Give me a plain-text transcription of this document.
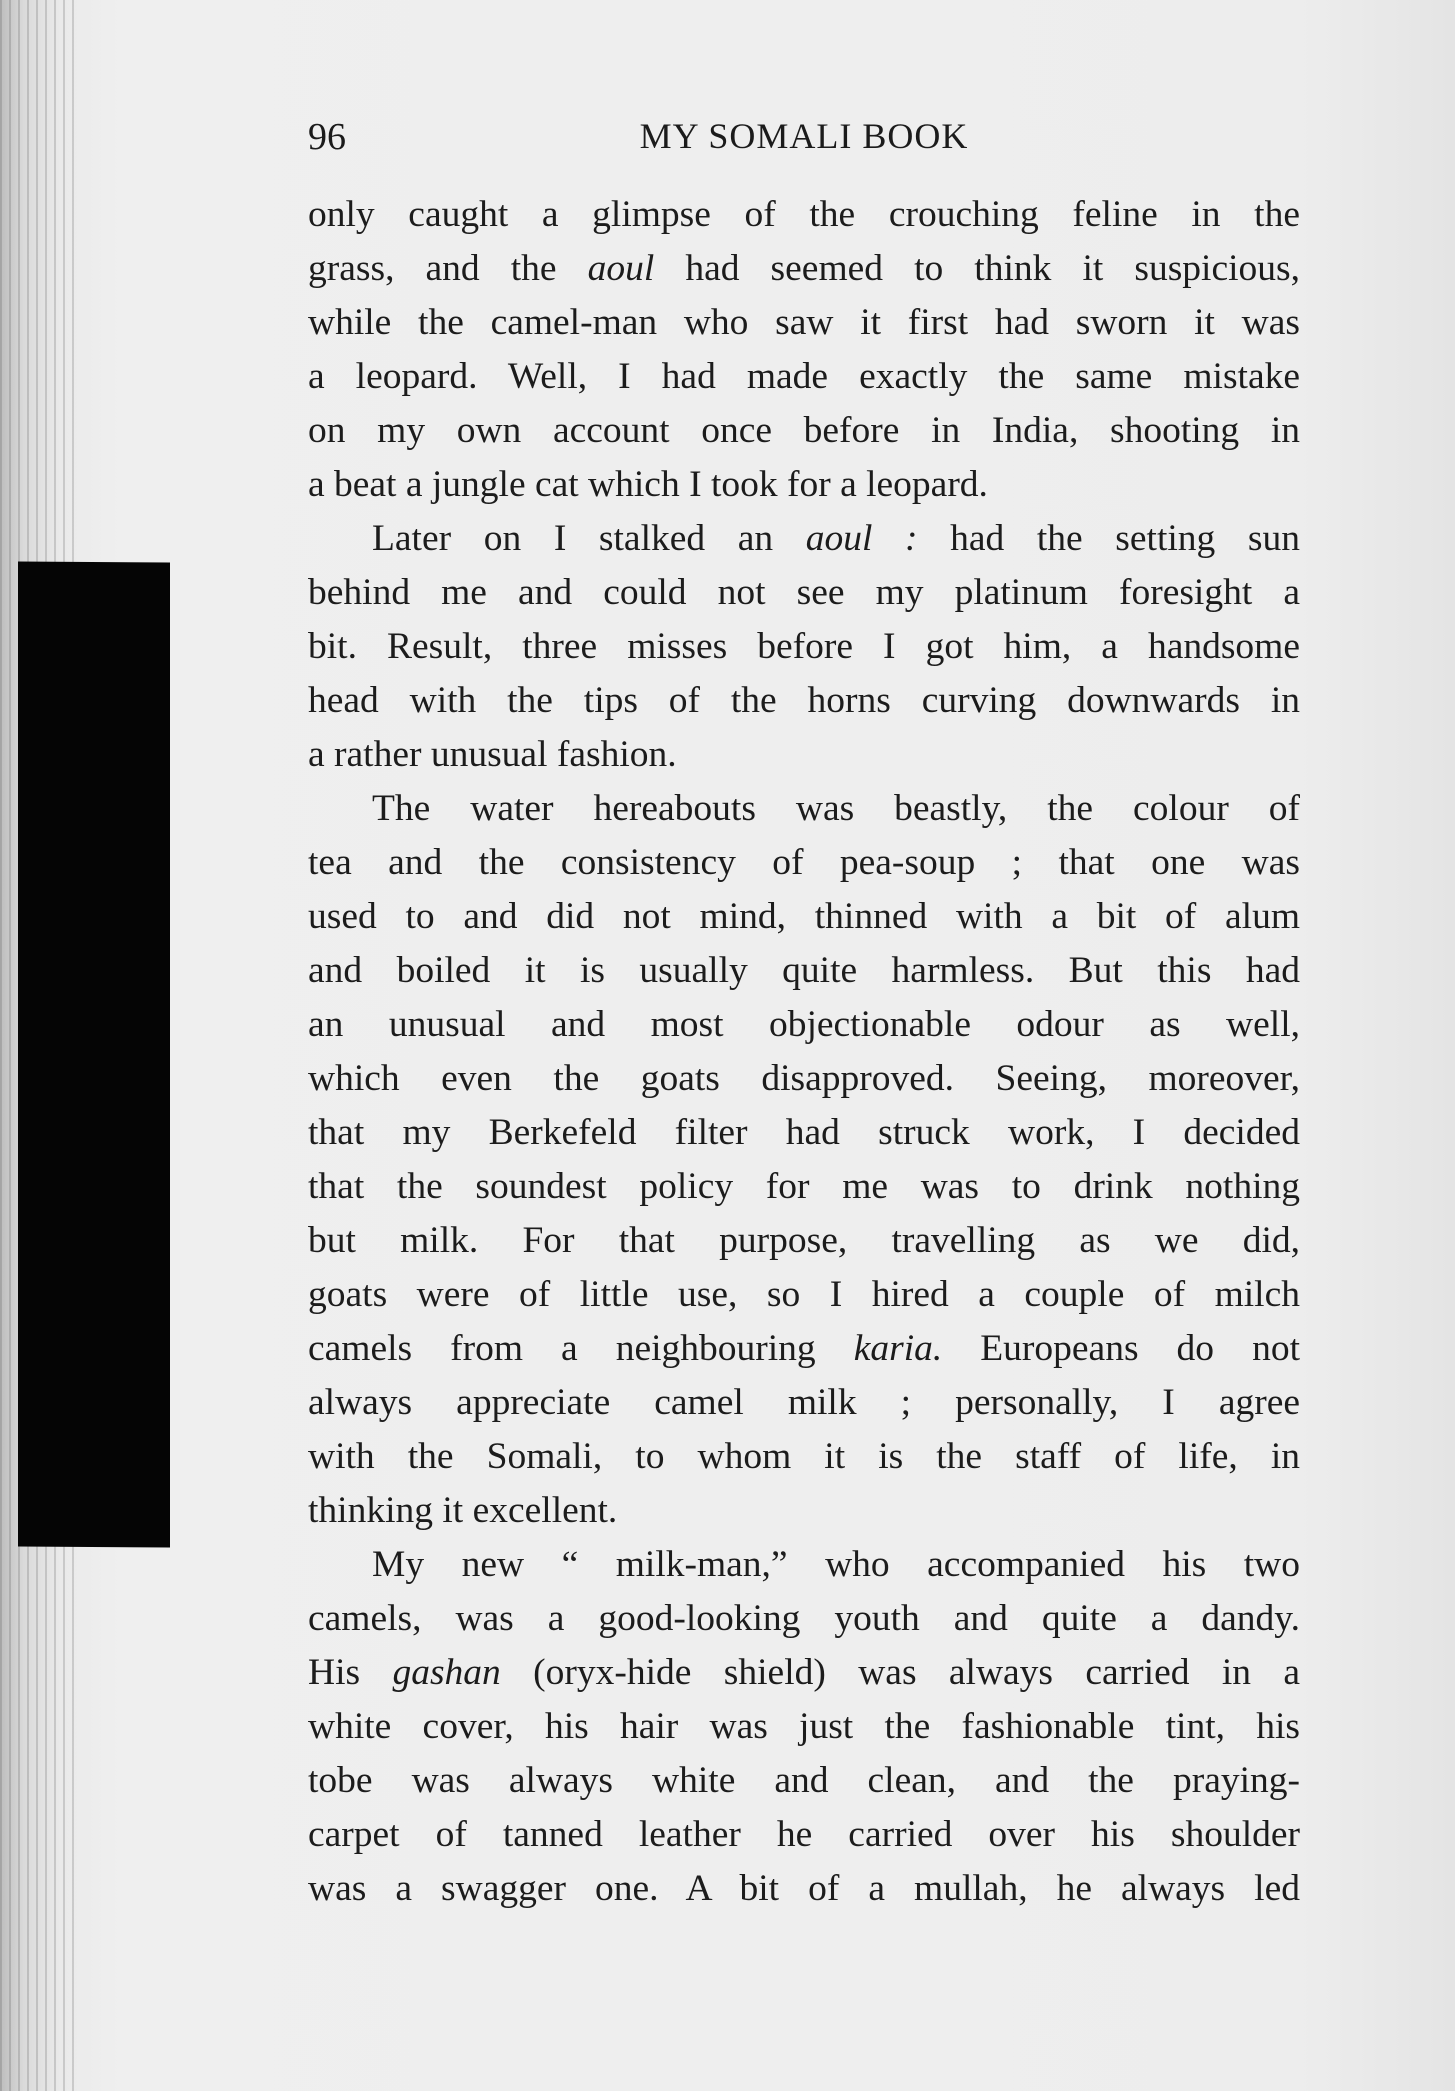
96	MY SOMALI BOOK
only caught a glimpse of the crouching feline in the
grass, and the aoul had seemed to think it suspicious,
while the camel-man who saw it first had sworn it was
a leopard. Well, I had made exactly the same mistake
on my own account once before in India, shooting in
a beat a jungle cat which I took for a leopard.
Later on I stalked an aoul : had the setting sun
behind me and could not see my platinum foresight a
bit. Result, three misses before I got him, a handsome
head with the tips of the horns curving downwards in
a rather unusual fashion.
The water hereabouts was beastly, the colour of
tea and the consistency of pea-soup ; that one was
used to and did not mind, thinned with a bit of alum
and boiled it is usually quite harmless. But this had
an unusual and most objectionable odour as well,
which even the goats disapproved. Seeing, moreover,
that my Berkefeld filter had struck work, I decided
that the soundest policy for me was to drink nothing
but milk. For that purpose, travelling as we did,
goats were of little use, so I hired a couple of milch
camels from a neighbouring karia. Europeans do not
always appreciate camel milk ; personally, I agree
with the Somali, to whom it is the staff of life, in
thinking it excellent.
My new “ milk-man,” who accompanied his two
camels, was a good-looking youth and quite a dandy.
His gashan (oryx-hide shield) was always carried in a
white cover, his hair was just the fashionable tint, his
tobe was always white and clean, and the praying-
carpet of tanned leather he carried over his shoulder
was a swagger one. A bit of a mullah, he always led
